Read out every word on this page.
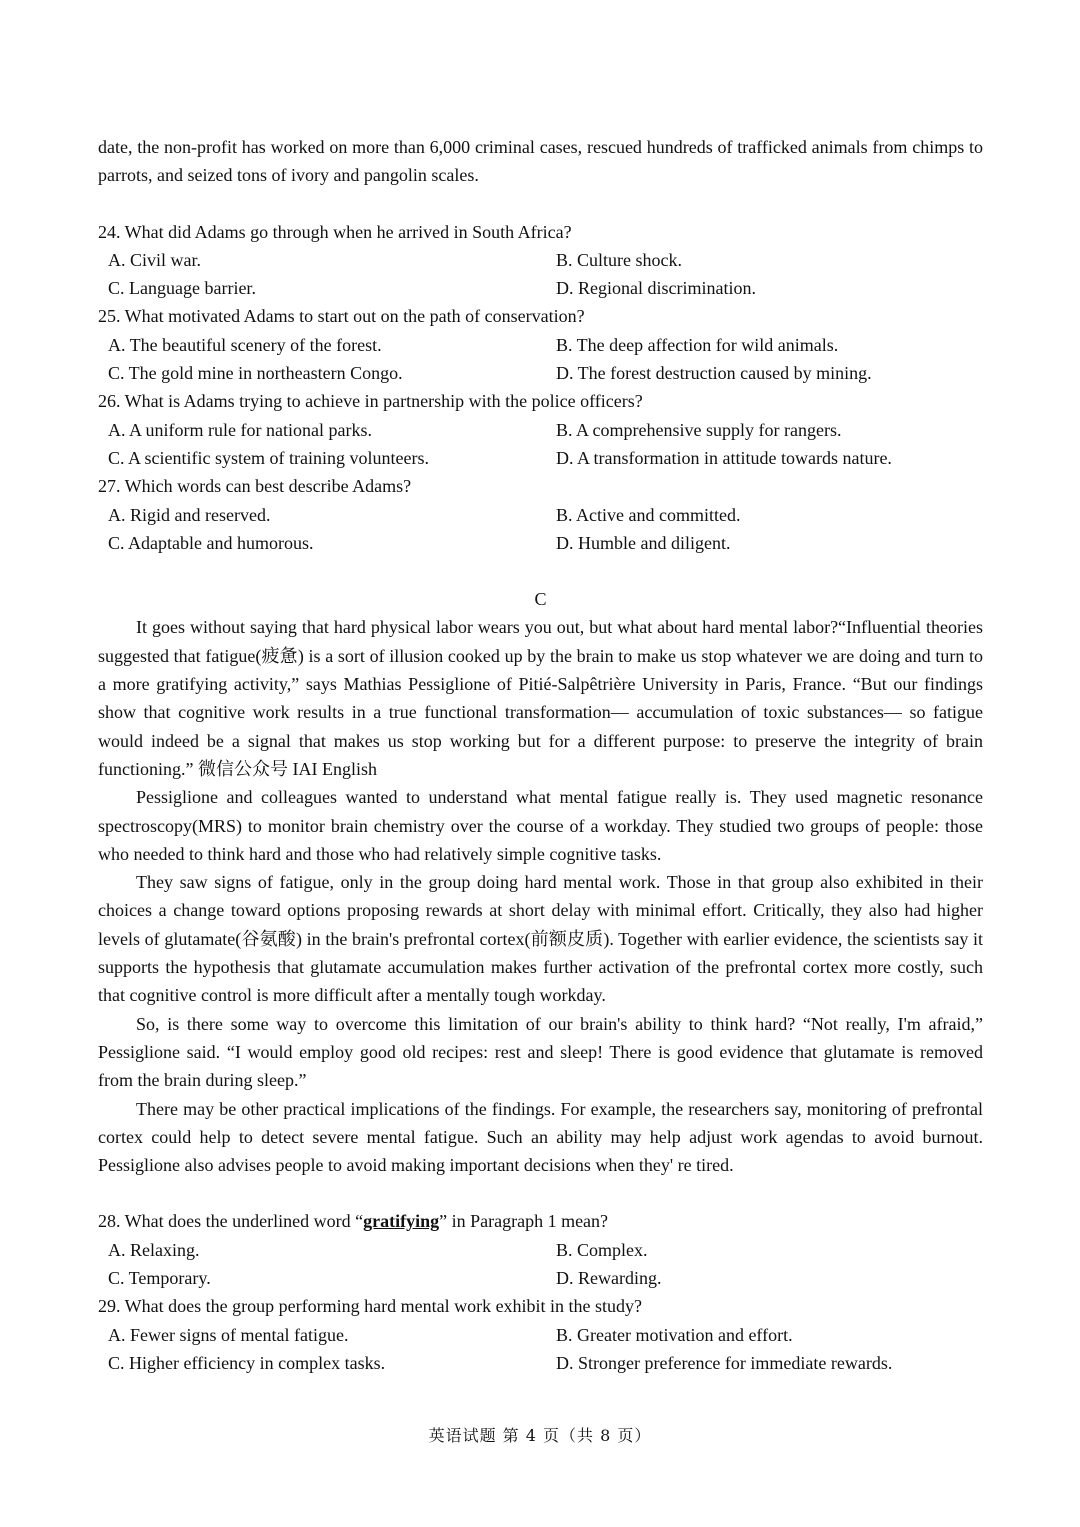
date, the non-profit has worked on more than 6,000 criminal cases, rescued hundreds of trafficked animals from chimps to parrots, and seized tons of ivory and pangolin scales.

24. What did Adams go through when he arrived in South Africa?

A. Civil war.	B. Culture shock.
C. Language barrier.	D. Regional discrimination.

25. What motivated Adams to start out on the path of conservation?

A. The beautiful scenery of the forest.	B. The deep affection for wild animals.
C. The gold mine in northeastern Congo.	D. The forest destruction caused by mining.

26. What is Adams trying to achieve in partnership with the police officers?

A. A uniform rule for national parks.	B. A comprehensive supply for rangers.
C. A scientific system of training volunteers.	D. A transformation in attitude towards nature.

27. Which words can best describe Adams?

A. Rigid and reserved.	B. Active and committed.
C. Adaptable and humorous.	D. Humble and diligent.

C

It goes without saying that hard physical labor wears you out, but what about hard mental labor?“Influential theories suggested that fatigue(疲惫) is a sort of illusion cooked up by the brain to make us stop whatever we are doing and turn to a more gratifying activity,” says Mathias Pessiglione of Pitié-Salpêtrière University in Paris, France. “But our findings show that cognitive work results in a true functional transformation— accumulation of toxic substances— so fatigue would indeed be a signal that makes us stop working but for a different purpose: to preserve the integrity of brain functioning.” 微信公众号 IAI English

Pessiglione and colleagues wanted to understand what mental fatigue really is. They used magnetic resonance spectroscopy(MRS) to monitor brain chemistry over the course of a workday. They studied two groups of people: those who needed to think hard and those who had relatively simple cognitive tasks.

They saw signs of fatigue, only in the group doing hard mental work. Those in that group also exhibited in their choices a change toward options proposing rewards at short delay with minimal effort. Critically, they also had higher levels of glutamate(谷氨酸) in the brain's prefrontal cortex(前额皮质). Together with earlier evidence, the scientists say it supports the hypothesis that glutamate accumulation makes further activation of the prefrontal cortex more costly, such that cognitive control is more difficult after a mentally tough workday.

So, is there some way to overcome this limitation of our brain's ability to think hard? “Not really, I'm afraid,” Pessiglione said. “I would employ good old recipes: rest and sleep! There is good evidence that glutamate is removed from the brain during sleep.”

There may be other practical implications of the findings. For example, the researchers say, monitoring of prefrontal cortex could help to detect severe mental fatigue. Such an ability may help adjust work agendas to avoid burnout. Pessiglione also advises people to avoid making important decisions when they' re tired.

28. What does the underlined word “gratifying” in Paragraph 1 mean?

A. Relaxing.	B. Complex.
C. Temporary.	D. Rewarding.

29. What does the group performing hard mental work exhibit in the study?

A. Fewer signs of mental fatigue.	B. Greater motivation and effort.
C. Higher efficiency in complex tasks.	D. Stronger preference for immediate rewards.
英语试题 第 4 页（共 8 页）
